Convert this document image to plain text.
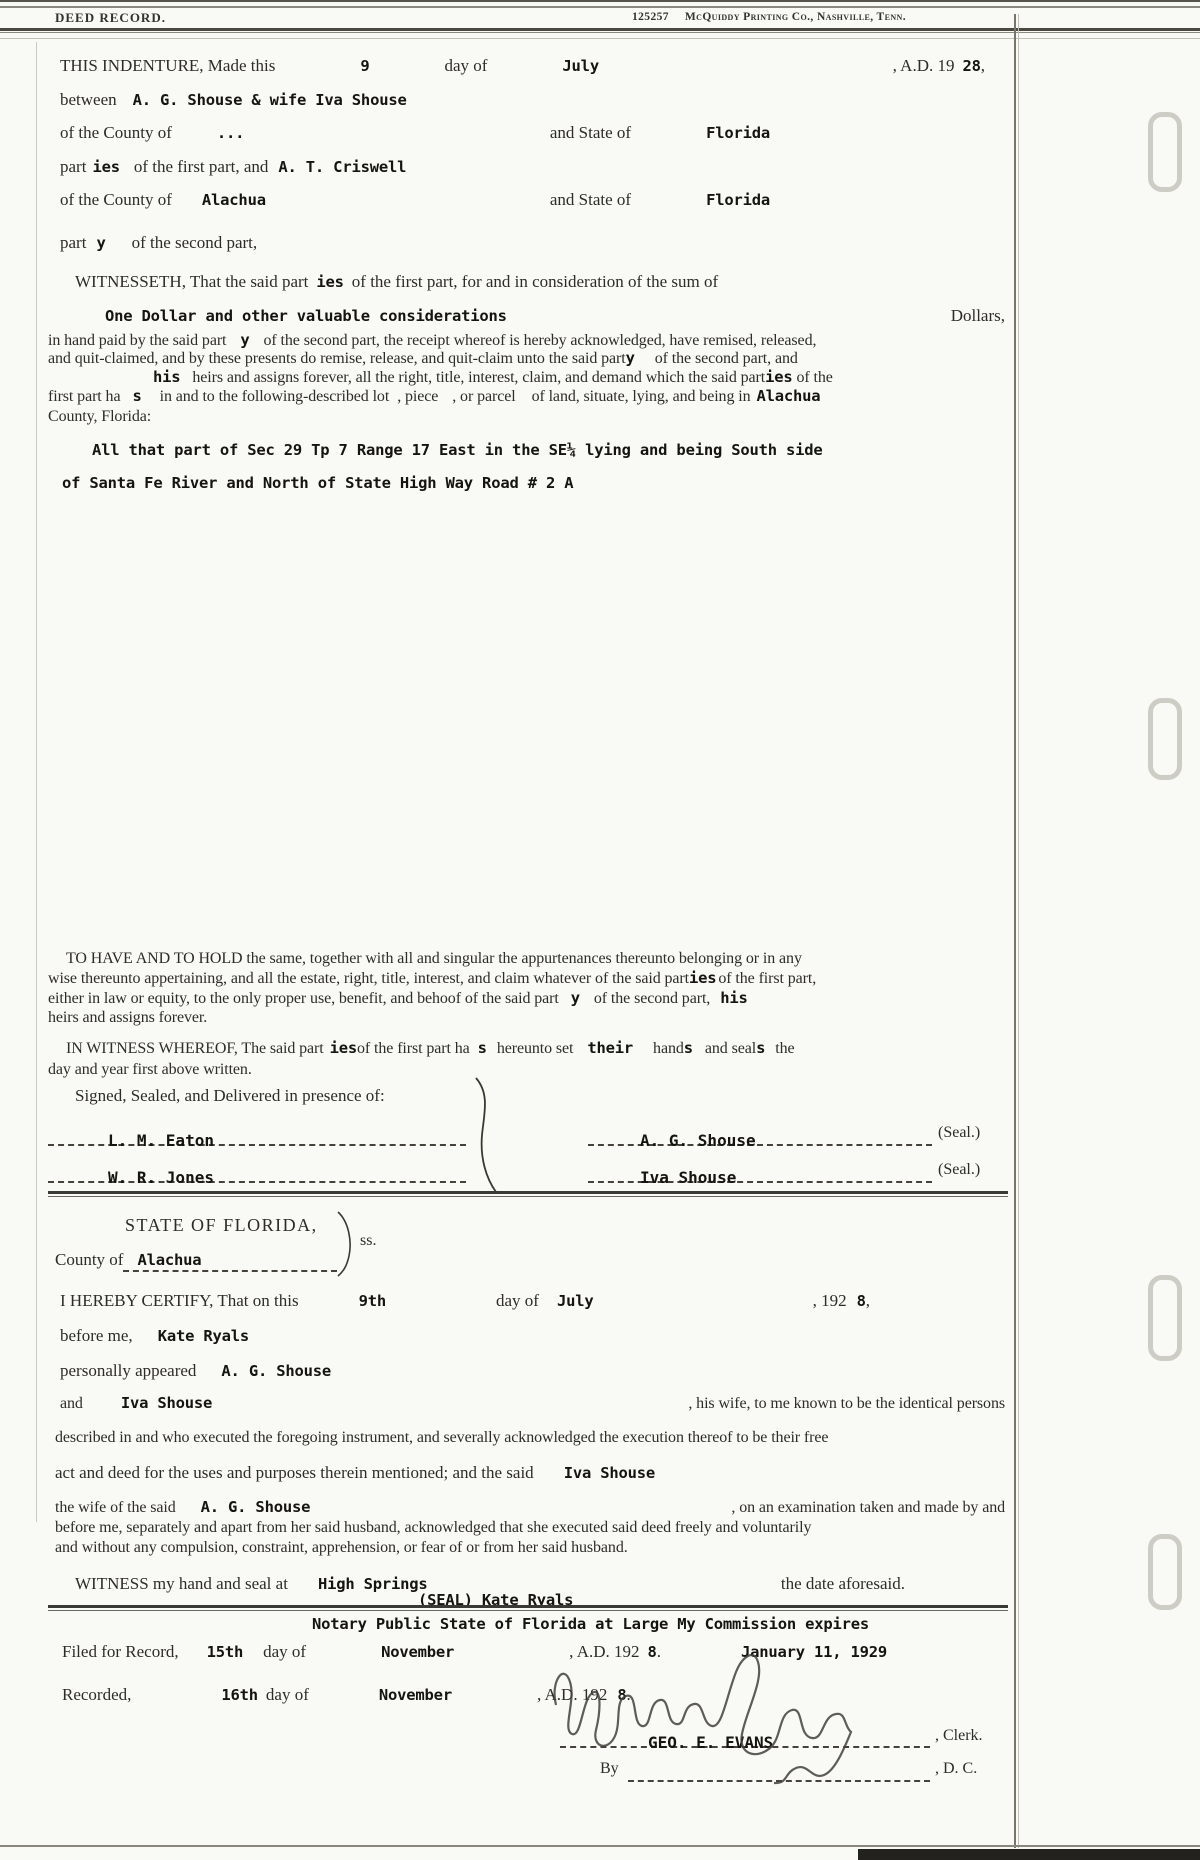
DEED RECORD.	125257 McQuiddy Printing Co., Nashville, Tenn.
THIS INDENTURE, Made this	9	day of	July	, A.D. 19 28 ,
between A. G. Shouse & wife Iva Shouse
of the County of	...	and State of	Florida
part ies of the first part, and A. T. Criswell
of the County of Alachua	and State of	Florida
part y of the second part,
WITNESSETH, That the said part ies of the first part, for and in consideration of the sum of
One Dollar and other valuable considerations	Dollars,
in hand paid by the said part y of the second part, the receipt whereof is hereby acknowledged, have remised, released,
and quit-claimed, and by these presents do remise, release, and quit-claim unto the said part y of the second part, and
his heirs and assigns forever, all the right, title, interest, claim, and demand which the said part ies of the
first part ha s in and to the following-described lot , piece , or parcel of land, situate, lying, and being in Alachua
County, Florida:
All that part of Sec 29 Tp 7 Range 17 East in the SE¼ lying and being South side
of Santa Fe River and North of State High Way Road # 2 A
TO HAVE AND TO HOLD the same, together with all and singular the appurtenances thereunto belonging or in any
wise thereunto appertaining, and all the estate, right, title, interest, and claim whatever of the said part ies of the first part,
either in law or equity, to the only proper use, benefit, and behoof of the said part y of the second part, his
heirs and assigns forever.
IN WITNESS WHEREOF, The said part ies of the first part ha s hereunto set their hand s and seal s the
day and year first above written.
Signed, Sealed, and Delivered in presence of:
L. M. Eaton	A. G. Shouse	(Seal.)
W. R. Jones	Iva Shouse	(Seal.)
STATE OF FLORIDA,
ss.
County of Alachua
I HEREBY CERTIFY, That on this	9th	day of July	, 192 8 ,
before me, Kate Ryals
personally appeared A. G. Shouse
and Iva Shouse	, his wife, to me known to be the identical persons
described in and who executed the foregoing instrument, and severally acknowledged the execution thereof to be their free
act and deed for the uses and purposes therein mentioned; and the said Iva Shouse
the wife of the said A. G. Shouse	, on an examination taken and made by and
before me, separately and apart from her said husband, acknowledged that she executed said deed freely and voluntarily
and without any compulsion, constraint, apprehension, or fear of or from her said husband.
WITNESS my hand and seal at High Springs	the date aforesaid.
(SEAL) Kate Ryals
Notary Public State of Florida at Large My Commission expires
Filed for Record, 15th day of	November	, A.D. 192 8 .	January 11, 1929
Recorded,	16th day of	November	, A.D. 192 8 .
GEO. E. EVANS	, Clerk.
By	, D. C.
